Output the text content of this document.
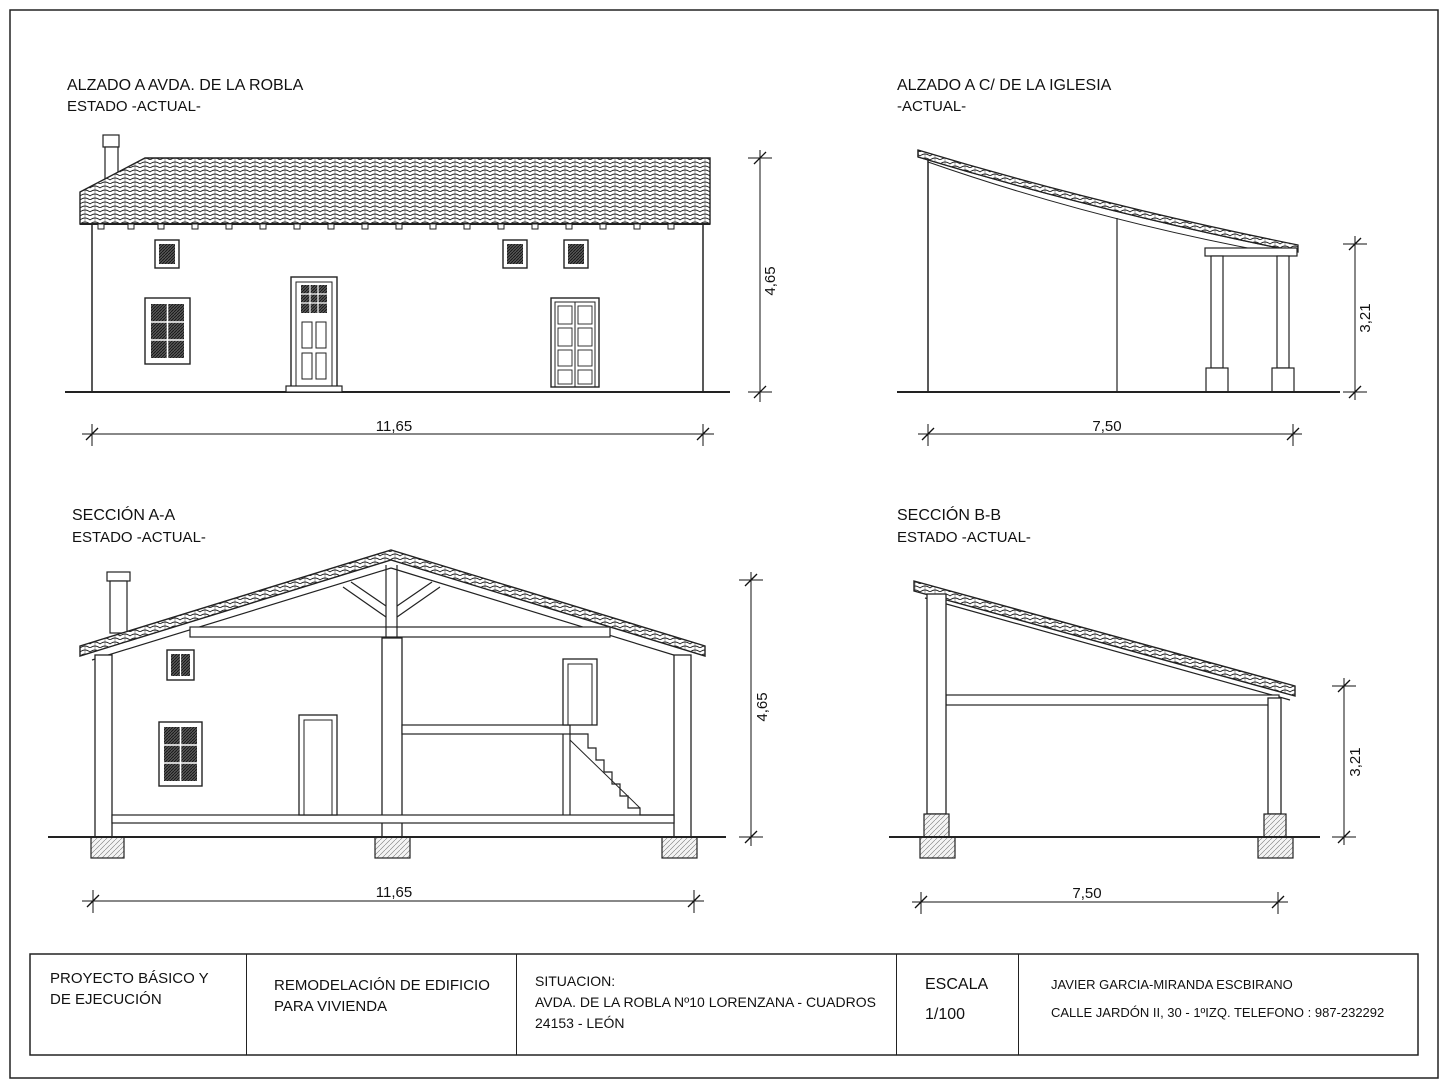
11,65
4,65
7,50
3,21
11,65
4,65
7,50
3,21
ALZADO A AVDA. DE LA ROBLA
ESTADO -ACTUAL-
ALZADO A C/ DE LA IGLESIA
-ACTUAL-
SECCIÓN A-A
ESTADO -ACTUAL-
SECCIÓN B-B
ESTADO -ACTUAL-
PROYECTO BÁSICO Y
DE EJECUCIÓN
REMODELACIÓN DE EDIFICIO
PARA VIVIENDA
SITUACION:
AVDA. DE LA ROBLA Nº10 LORENZANA - CUADROS
24153 - LEÓN
ESCALA
1/100
JAVIER GARCIA-MIRANDA ESCBIRANO
CALLE JARDÓN II, 30 - 1ºIZQ. TELEFONO : 987-232292
